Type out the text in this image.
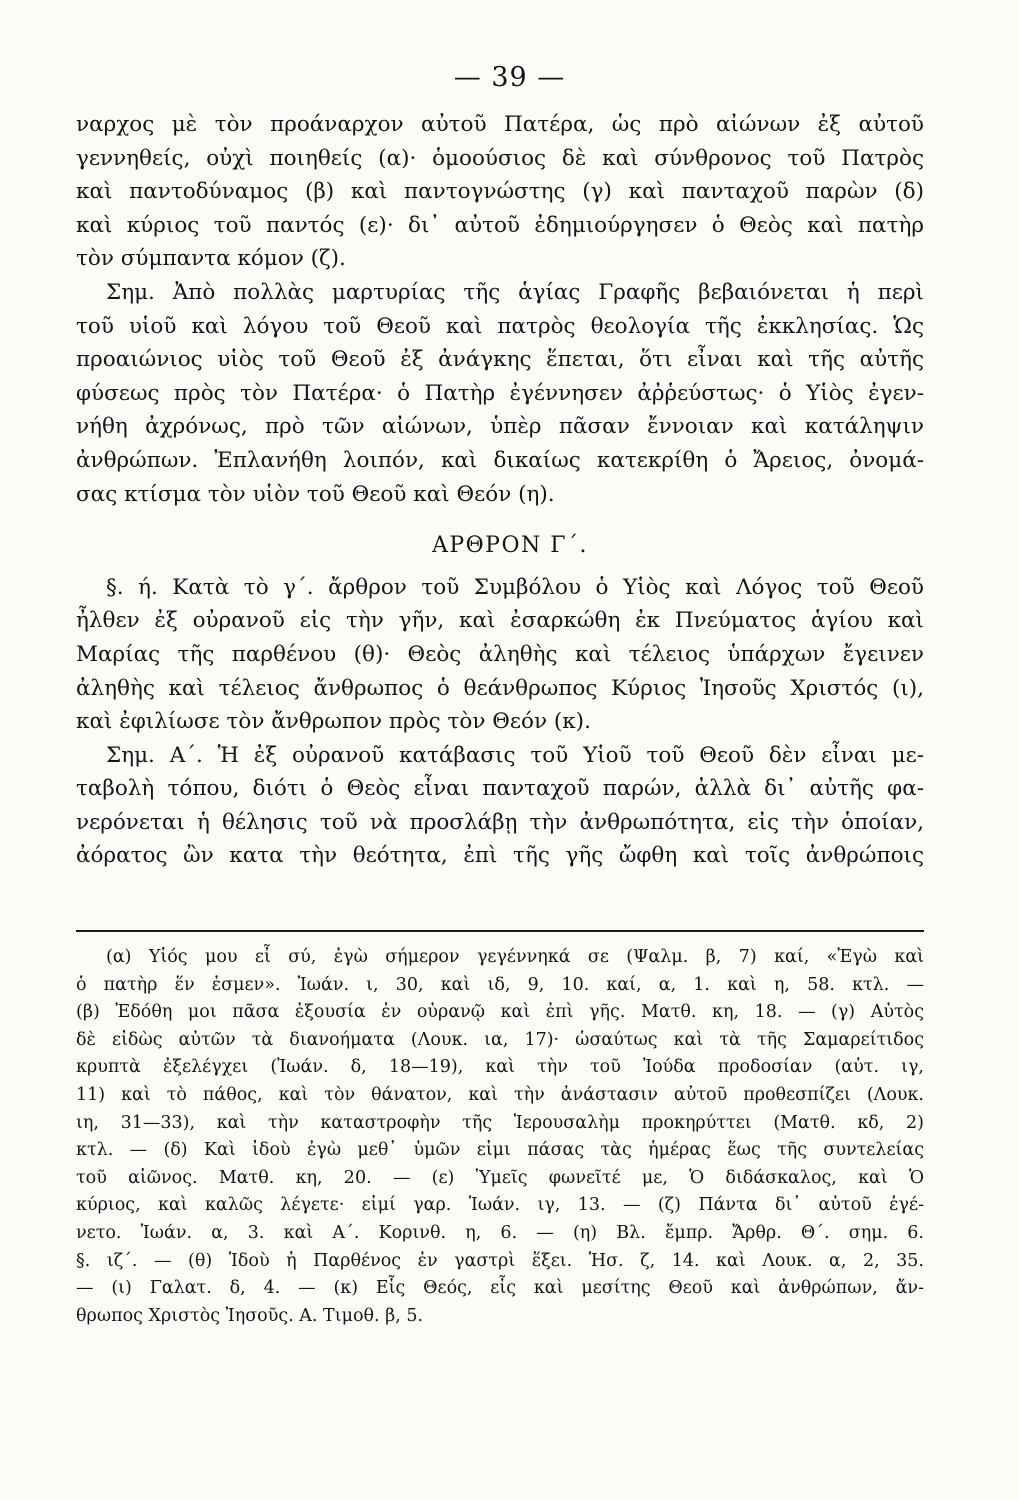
— 39 —
ναρχος μὲ τὸν προάναρχον αὐτοῦ Πατέρα, ὡς πρὸ αἰώνων ἐξ αὐτοῦ
γεννηθείς, οὐχὶ ποιηθείς (α)· ὁμοούσιος δὲ καὶ σύνθρονος τοῦ Πατρὸς
καὶ παντοδύναμος (β) καὶ παντογνώστης (γ) καὶ πανταχοῦ παρὼν (δ)
καὶ κύριος τοῦ παντός (ε)· δι᾽ αὐτοῦ ἐδημιούργησεν ὁ Θεὸς καὶ πατὴρ
τὸν σύμπαντα κόμον (ζ).
Σημ. Ἀπὸ πολλὰς μαρτυρίας τῆς ἁγίας Γραφῆς βεβαιόνεται ἡ περὶ
τοῦ υἱοῦ καὶ λόγου τοῦ Θεοῦ καὶ πατρὸς θεολογία τῆς ἐκκλησίας. Ὡς
προαιώνιος υἱὸς τοῦ Θεοῦ ἐξ ἀνάγκης ἕπεται, ὅτι εἶναι καὶ τῆς αὐτῆς
φύσεως πρὸς τὸν Πατέρα· ὁ Πατὴρ ἐγέννησεν ἀῤῥεύστως· ὁ Υἱὸς ἐγεν-
νήθη ἀχρόνως, πρὸ τῶν αἰώνων, ὑπὲρ πᾶσαν ἔννοιαν καὶ κατάληψιν
ἀνθρώπων. Ἐπλανήθη λοιπόν, καὶ δικαίως κατεκρίθη ὁ Ἄρειος, ὀνομά-
σας κτίσμα τὸν υἱὸν τοῦ Θεοῦ καὶ Θεόν (η).
ΑΡΘΡΟΝ Γ΄.
§. ή. Κατὰ τὸ γ΄. ἄρθρον τοῦ Συμβόλου ὁ Υἱὸς καὶ Λόγος τοῦ Θεοῦ
ἦλθεν ἐξ οὐρανοῦ εἰς τὴν γῆν, καὶ ἐσαρκώθη ἐκ Πνεύματος ἁγίου καὶ
Μαρίας τῆς παρθένου (θ)· Θεὸς ἀληθὴς καὶ τέλειος ὑπάρχων ἔγεινεν
ἀληθὴς καὶ τέλειος ἄνθρωπος ὁ θεάνθρωπος Κύριος Ἰησοῦς Χριστός (ι),
καὶ ἐφιλίωσε τὸν ἄνθρωπον πρὸς τὸν Θεόν (κ).
Σημ. Α΄. Ἡ ἐξ οὐρανοῦ κατάβασις τοῦ Υἱοῦ τοῦ Θεοῦ δὲν εἶναι με-
ταβολὴ τόπου, διότι ὁ Θεὸς εἶναι πανταχοῦ παρών, ἀλλὰ δι᾽ αὐτῆς φα-
νερόνεται ἡ θέλησις τοῦ νὰ προσλάβῃ τὴν ἀνθρωπότητα, εἰς τὴν ὁποίαν,
ἀόρατος ὢν κατα τὴν θεότητα, ἐπὶ τῆς γῆς ὤφθη καὶ τοῖς ἀνθρώποις
(α) Υἱός μου εἶ σύ, ἐγὼ σήμερον γεγέννηκά σε (Ψαλμ. β, 7) καί, «Ἐγὼ καὶ
ὁ πατὴρ ἕν ἐσμεν». Ἰωάν. ι, 30, καὶ ιδ, 9, 10. καί, α, 1. καὶ η, 58. κτλ. —
(β) Ἐδόθη μοι πᾶσα ἐξουσία ἐν οὐρανῷ καὶ ἐπὶ γῆς. Ματθ. κη, 18. — (γ) Αὐτὸς
δὲ εἰδὼς αὐτῶν τὰ διανοήματα (Λουκ. ια, 17)· ὡσαύτως καὶ τὰ τῆς Σαμαρείτιδος
κρυπτὰ ἐξελέγχει (Ἰωάν. δ, 18—19), καὶ τὴν τοῦ Ἰούδα προδοσίαν (αὐτ. ιγ,
11) καὶ τὸ πάθος, καὶ τὸν θάνατον, καὶ τὴν ἀνάστασιν αὐτοῦ προθεσπίζει (Λουκ.
ιη, 31—33), καὶ τὴν καταστροφὴν τῆς Ἱερουσαλὴμ προκηρύττει (Ματθ. κδ, 2)
κτλ. — (δ) Καὶ ἰδοὺ ἐγὼ μεθ᾽ ὑμῶν εἰμι πάσας τὰς ἡμέρας ἕως τῆς συντελείας
τοῦ αἰῶνος. Ματθ. κη, 20. — (ε) Ὑμεῖς φωνεῖτέ με, Ὁ διδάσκαλος, καὶ Ὁ
κύριος, καὶ καλῶς λέγετε· εἰμί γαρ. Ἰωάν. ιγ, 13. — (ζ) Πάντα δι᾽ αὐτοῦ ἐγέ-
νετο. Ἰωάν. α, 3. καὶ Α΄. Κορινθ. η, 6. — (η) Βλ. ἔμπρ. Ἄρθρ. Θ΄. σημ. 6.
§. ιζ΄. — (θ) Ἰδοὺ ἡ Παρθένος ἐν γαστρὶ ἕξει. Ἡσ. ζ, 14. καὶ Λουκ. α, 2, 35.
— (ι) Γαλατ. δ, 4. — (κ) Εἷς Θεός, εἷς καὶ μεσίτης Θεοῦ καὶ ἀνθρώπων, ἄν-
θρωπος Χριστὸς Ἰησοῦς. Α. Τιμοθ. β, 5.
